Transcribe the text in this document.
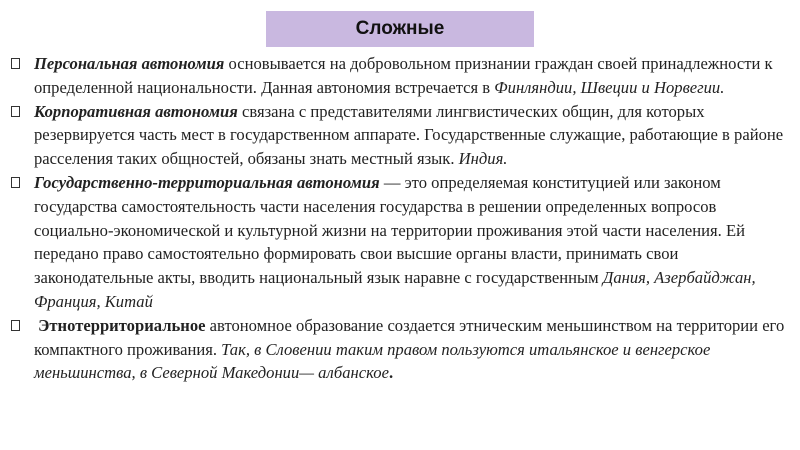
Сложные
Персональная автономия основывается на добровольном признании граждан своей принадлежности к определенной национальности. Данная автономия встречается в Финляндии, Швеции и Норвегии.
Корпоративная автономия связана с представителями лингвистических общин, для которых резервируется часть мест в государственном аппарате. Государственные служащие, работающие в районе расселения таких общностей, обязаны знать местный язык. Индия.
Государственно-территориальная автономия — это определяемая конституцией или законом государства самостоятельность части населения государства в решении определенных вопросов социально-экономической и культурной жизни на территории проживания этой части населения. Ей передано право самостоятельно формировать свои высшие органы власти, принимать свои законодательные акты, вводить национальный язык наравне с государственным Дания, Азербайджан, Франция, Китай
Этнотерриториальное автономное образование создается этническим меньшинством на территории его компактного проживания. Так, в Словении таким правом пользуются итальянское и венгерское меньшинства, в Северной Македонии— албанское.
